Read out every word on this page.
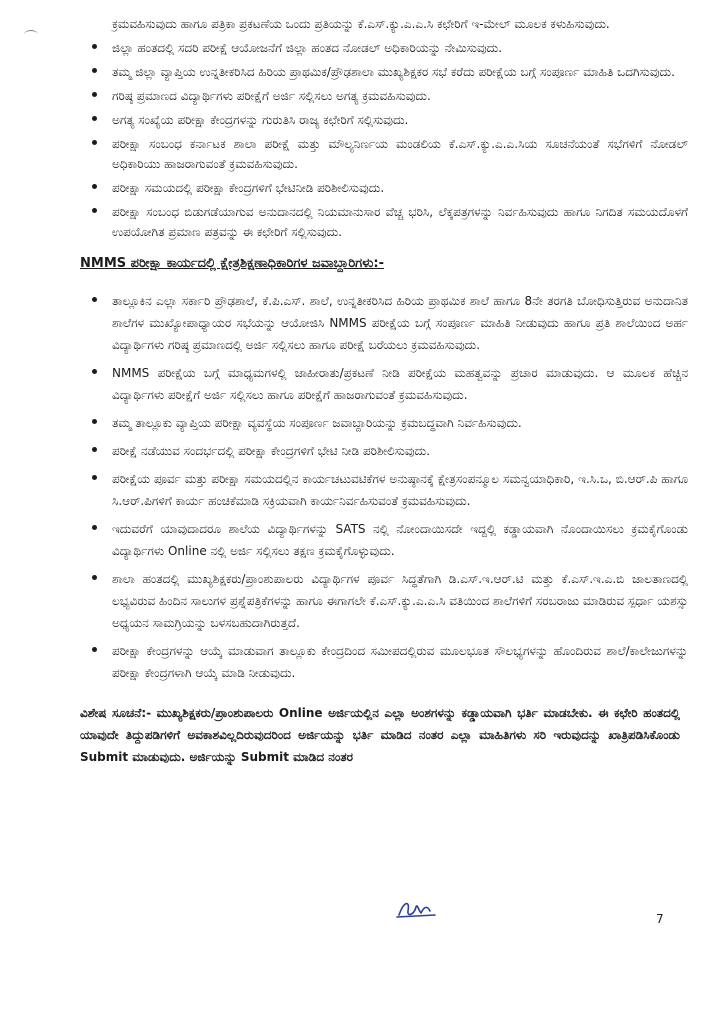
ಕ್ರಮವಹಿಸುವುದು ಹಾಗೂ ಪತ್ರಿಕಾ ಪ್ರಕಟಣೆಯ ಒಂದು ಪ್ರತಿಯನ್ನು ಕೆ.ಎಸ್.ಕ್ಯು.ಎ.ಎ.ಸಿ ಕಛೇರಿಗೆ ಇ-ಮೇಲ್ ಮೂಲಕ ಕಳುಹಿಸುವುದು.

ಜಿಲ್ಲಾ ಹಂತದಲ್ಲಿ ಸದರಿ ಪರೀಕ್ಷೆ ಆಯೋಜನೆಗೆ ಜಿಲ್ಲಾ ಹಂತದ ನೋಡಲ್ ಅಧಿಕಾರಿಯನ್ನು ನೇಮಿಸುವುದು.
ತಮ್ಮ ಜಿಲ್ಲಾ ವ್ಯಾಪ್ತಿಯ ಉನ್ನತೀಕರಿಸಿದ ಹಿರಿಯ ಪ್ರಾಥಮಿಕ/ಪ್ರೌಢಶಾಲಾ ಮುಖ್ಯಶಿಕ್ಷಕರ ಸಭೆ ಕರೆದು ಪರೀಕ್ಷೆಯ ಬಗ್ಗೆ ಸಂಪೂರ್ಣ ಮಾಹಿತಿ ಒದಗಿಸುವುದು.
ಗರಿಷ್ಠ ಪ್ರಮಾಣದ ವಿದ್ಯಾರ್ಥಿಗಳು ಪರೀಕ್ಷೆಗೆ ಅರ್ಜಿ ಸಲ್ಲಿಸಲು ಅಗತ್ಯ ಕ್ರಮವಹಿಸುವುದು.
ಅಗತ್ಯ ಸಂಖ್ಯೆಯ ಪರೀಕ್ಷಾ ಕೇಂದ್ರಗಳನ್ನು ಗುರುತಿಸಿ ರಾಜ್ಯ ಕಛೇರಿಗೆ ಸಲ್ಲಿಸುವುದು.
ಪರೀಕ್ಷಾ ಸಂಬಂಧ ಕರ್ನಾಟಕ ಶಾಲಾ ಪರೀಕ್ಷೆ ಮತ್ತು ಮೌಲ್ಯನಿರ್ಣಯ ಮಂಡಲಿಯ ಕೆ.ಎಸ್.ಕ್ಯು.ಎ.ಎ.ಸಿಯ ಸೂಚನೆಯಂತೆ ಸಭೆಗಳಿಗೆ ನೋಡಲ್ ಅಧಿಕಾರಿಯು ಹಾಜರಾಗುವಂತೆ ಕ್ರಮವಹಿಸುವುದು.
ಪರೀಕ್ಷಾ ಸಮಯದಲ್ಲಿ ಪರೀಕ್ಷಾ ಕೇಂದ್ರಗಳಿಗೆ ಭೇಟಿನೀಡಿ ಪರಿಶೀಲಿಸುವುದು.
ಪರೀಕ್ಷಾ ಸಂಬಂಧ ಬಿಡುಗಡೆಯಾಗುವ ಅನುದಾನದಲ್ಲಿ ನಿಯಮಾನುಸಾರ ವೆಚ್ಚ ಭರಿಸಿ, ಲೆಕ್ಕಪತ್ರಗಳನ್ನು ನಿರ್ವಹಿಸುವುದು ಹಾಗೂ ನಿಗದಿತ ಸಮಯದೊಳಗೆ ಉಪಯೋಗಿತ ಪ್ರಮಾಣ ಪತ್ರವನ್ನು ಈ ಕಛೇರಿಗೆ ಸಲ್ಲಿಸುವುದು.
NMMS ಪರೀಕ್ಷಾ ಕಾರ್ಯದಲ್ಲಿ ಕ್ಷೇತ್ರಶಿಕ್ಷಣಾಧಿಕಾರಿಗಳ ಜವಾಬ್ದಾರಿಗಳು:-
ತಾಲ್ಲೂಕಿನ ಎಲ್ಲಾ ಸರ್ಕಾರಿ ಪ್ರೌಢಶಾಲೆ, ಕೆ.ಪಿ.ಎಸ್. ಶಾಲೆ, ಉನ್ನತೀಕರಿಸಿದ ಹಿರಿಯ ಪ್ರಾಥಮಿಕ ಶಾಲೆ ಹಾಗೂ 8ನೇ ತರಗತಿ ಬೋಧಿಸುತ್ತಿರುವ ಅನುದಾನಿತ ಶಾಲೆಗಳ ಮುಖ್ಯೋಪಾಧ್ಯಾಯರ ಸಭೆಯನ್ನು ಆಯೋಜಿಸಿ NMMS ಪರೀಕ್ಷೆಯ ಬಗ್ಗೆ ಸಂಪೂರ್ಣ ಮಾಹಿತಿ ನೀಡುವುದು ಹಾಗೂ ಪ್ರತಿ ಶಾಲೆಯಿಂದ ಅರ್ಹ ವಿದ್ಯಾರ್ಥಿಗಳು ಗರಿಷ್ಠ ಪ್ರಮಾಣದಲ್ಲಿ ಅರ್ಜಿ ಸಲ್ಲಿಸಲು ಹಾಗೂ ಪರೀಕ್ಷೆ ಬರೆಯಲು ಕ್ರಮವಹಿಸುವುದು.
NMMS ಪರೀಕ್ಷೆಯ ಬಗ್ಗೆ ಮಾಧ್ಯಮಗಳಲ್ಲಿ ಜಾಹೀರಾತು/ಪ್ರಕಟಣೆ ನೀಡಿ ಪರೀಕ್ಷೆಯ ಮಹತ್ವವನ್ನು ಪ್ರಚಾರ ಮಾಡುವುದು. ಆ ಮೂಲಕ ಹೆಚ್ಚಿನ ವಿದ್ಯಾರ್ಥಿಗಳು ಪರೀಕ್ಷೆಗೆ ಅರ್ಜಿ ಸಲ್ಲಿಸಲು ಹಾಗೂ ಪರೀಕ್ಷೆಗೆ ಹಾಜರಾಗುವಂತೆ ಕ್ರಮವಹಿಸುವುದು.
ತಮ್ಮ ತಾಲ್ಲೂಕು ವ್ಯಾಪ್ತಿಯ ಪರೀಕ್ಷಾ ವ್ಯವಸ್ಥೆಯ ಸಂಪೂರ್ಣ ಜವಾಬ್ದಾರಿಯನ್ನು ಕ್ರಮಬದ್ಧವಾಗಿ ನಿರ್ವಹಿಸುವುದು.
ಪರೀಕ್ಷೆ ನಡೆಯುವ ಸಂದರ್ಭದಲ್ಲಿ ಪರೀಕ್ಷಾ ಕೇಂದ್ರಗಳಿಗೆ ಭೇಟಿ ನೀಡಿ ಪರಿಶೀಲಿಸುವುದು.
ಪರೀಕ್ಷೆಯ ಪೂರ್ವ ಮತ್ತು ಪರೀಕ್ಷಾ ಸಮಯದಲ್ಲಿನ ಕಾರ್ಯಚಟುವಟಿಕೆಗಳ ಅನುಷ್ಠಾನಕ್ಕೆ ಕ್ಷೇತ್ರಸಂಪನ್ಮೂಲ ಸಮನ್ವಯಾಧಿಕಾರಿ, ಇ.ಸಿ.ಒ, ಬಿ.ಆರ್.ಪಿ ಹಾಗೂ ಸಿ.ಆರ್.ಪಿಗಳಿಗೆ ಕಾರ್ಯ ಹಂಚಿಕೆಮಾಡಿ ಸಕ್ರಿಯವಾಗಿ ಕಾರ್ಯನಿರ್ವಹಿಸುವಂತೆ ಕ್ರಮವಹಿಸುವುದು.
ಇದುವರೆಗೆ ಯಾವುದಾದರೂ ಶಾಲೆಯ ವಿದ್ಯಾರ್ಥಿಗಳನ್ನು SATS ನಲ್ಲಿ ನೋಂದಾಯಿಸದೇ ಇದ್ದಲ್ಲಿ ಕಡ್ಡಾಯವಾಗಿ ನೊಂದಾಯಿಸಲು ಕ್ರಮಕೈಗೊಂಡು ವಿದ್ಯಾರ್ಥಿಗಳು Online ನಲ್ಲಿ ಅರ್ಜಿ ಸಲ್ಲಿಸಲು ತಕ್ಷಣ ಕ್ರಮಕೈಗೊಳ್ಳುವುದು.
ಶಾಲಾ ಹಂತದಲ್ಲಿ ಮುಖ್ಯಶಿಕ್ಷಕರು/ಪ್ರಾಂಶುಪಾಲರು ವಿದ್ಯಾರ್ಥಿಗಳ ಪೂರ್ವ ಸಿದ್ಧತೆಗಾಗಿ ಡಿ.ಎಸ್.ಇ.ಆರ್.ಟಿ ಮತ್ತು ಕೆ.ಎಸ್.ಇ.ಎ.ಬಿ ಜಾಲತಾಣದಲ್ಲಿ ಲಭ್ಯವಿರುವ ಹಿಂದಿನ ಸಾಲುಗಳ ಪ್ರಶ್ನೆಪತ್ರಿಕೆಗಳನ್ನು ಹಾಗೂ ಈಗಾಗಲೇ ಕೆ.ಎಸ್.ಕ್ಯು.ಎ.ಎ.ಸಿ ವತಿಯಿಂದ ಶಾಲೆಗಳಿಗೆ ಸರಬರಾಜು ಮಾಡಿರುವ ಸ್ಪರ್ಧಾ ಯಶಸ್ಸು ಅಧ್ಯಯನ ಸಾಮಗ್ರಿಯನ್ನು ಬಳಸಬಹುದಾಗಿರುತ್ತದೆ.
ಪರೀಕ್ಷಾ ಕೇಂದ್ರಗಳನ್ನು ಆಯ್ಕೆ ಮಾಡುವಾಗ ತಾಲ್ಲೂಕು ಕೇಂದ್ರದಿಂದ ಸಮೀಪದಲ್ಲಿರುವ ಮೂಲಭೂತ ಸೌಲಭ್ಯಗಳನ್ನು ಹೊಂದಿರುವ ಶಾಲೆ/ಕಾಲೇಜುಗಳನ್ನು ಪರೀಕ್ಷಾ ಕೇಂದ್ರಗಳಾಗಿ ಆಯ್ಕೆ ಮಾಡಿ ನೀಡುವುದು.

ವಿಶೇಷ ಸೂಚನೆ:- ಮುಖ್ಯಶಿಕ್ಷಕರು/ಪ್ರಾಂಶುಪಾಲರು Online ಅರ್ಜಿಯಲ್ಲಿನ ಎಲ್ಲಾ ಅಂಶಗಳನ್ನು ಕಡ್ಡಾಯವಾಗಿ ಭರ್ತಿ ಮಾಡಬೇಕು. ಈ ಕಛೇರಿ ಹಂತದಲ್ಲಿ ಯಾವುದೇ ತಿದ್ದುಪಡಿಗಳಿಗೆ ಅವಕಾಶವಿಲ್ಲದಿರುವುದರಿಂದ ಅರ್ಜಿಯನ್ನು ಭರ್ತಿ ಮಾಡಿದ ನಂತರ ಎಲ್ಲಾ ಮಾಹಿತಿಗಳು ಸರಿ ಇರುವುದನ್ನು ಖಾತ್ರಿಪಡಿಸಿಕೊಂಡು Submit ಮಾಡುವುದು. ಅರ್ಜಿಯನ್ನು Submit ಮಾಡಿದ ನಂತರ

7
